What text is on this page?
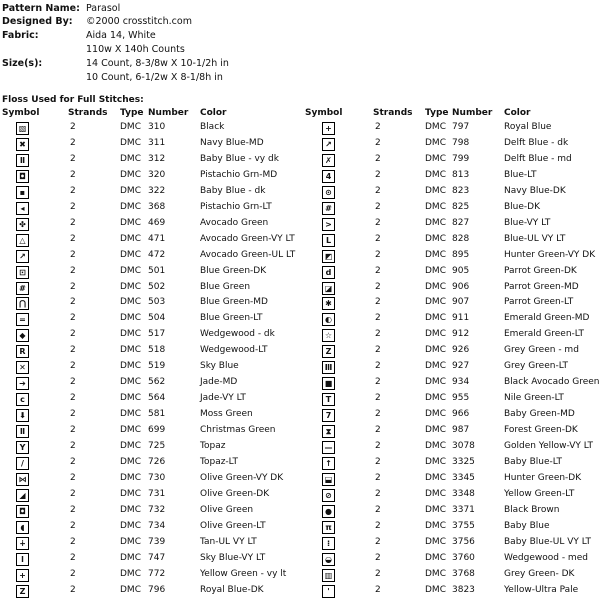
Pattern Name: Parasol
Designed By: ©2000 crosstitch.com
Fabric:	Aida 14, White
110w X 140h Counts
Size(s):	14 Count, 8-3/8w X 10-1/2h in
10 Count, 6-1/2w X 8-1/8h in
Floss Used for Full Stitches:
Symbol	Strands Type Number Color
▧	2	DMC 310	Black
✖	2	DMC 311	Navy Blue-MD
Ⅱ	2	DMC 312	Baby Blue - vy dk
◘	2	DMC 320	Pistachio Grn-MD
▪	2	DMC 322	Baby Blue - dk
◂	2	DMC 368	Pistachio Grn-LT
✤	2	DMC 469	Avocado Green
△	2	DMC 471	Avocado Green-VY LT
↗	2	DMC 472	Avocado Green-UL LT
⊡	2	DMC 501	Blue Green-DK
#	2	DMC 502	Blue Green
⋂	2	DMC 503	Blue Green-MD
=	2	DMC 504	Blue Green-LT
◆	2	DMC 517	Wedgewood - dk
R	2	DMC 518	Wedgewood-LT
✕	2	DMC 519	Sky Blue
➔	2	DMC 562	Jade-MD
c	2	DMC 564	Jade-VY LT
⬇	2	DMC 581	Moss Green
Ⅱ	2	DMC 699	Christmas Green
Y	2	DMC 725	Topaz
/	2	DMC 726	Topaz-LT
⋈	2	DMC 730	Olive Green-VY DK
◢	2	DMC 731	Olive Green-DK
◘	2	DMC 732	Olive Green
◖	2	DMC 734	Olive Green-LT
∔	2	DMC 739	Tan-UL VY LT
ⅼ	2	DMC 747	Sky Blue-VY LT
+	2	DMC 772	Yellow Green - vy lt
Z	2	DMC 796	Royal Blue-DK
Symbol	Strands Type Number Color
+	2	DMC 797	Royal Blue
↗	2	DMC 798	Delft Blue - dk
✗	2	DMC 799	Delft Blue - md
4	2	DMC 813	Blue-LT
⊙	2	DMC 823	Navy Blue-DK
#	2	DMC 825	Blue-DK
>	2	DMC 827	Blue-VY LT
L	2	DMC 828	Blue-UL VY LT
◩	2	DMC 895	Hunter Green-VY DK
d	2	DMC 905	Parrot Green-DK
◪	2	DMC 906	Parrot Green-MD
✱	2	DMC 907	Parrot Green-LT
◐	2	DMC 911	Emerald Green-MD
☆	2	DMC 912	Emerald Green-LT
Z	2	DMC 926	Grey Green - md
Ⅲ	2	DMC 927	Grey Green-LT
■	2	DMC 934	Black Avocado Green
T	2	DMC 955	Nile Green-LT
7	2	DMC 966	Baby Green-MD
⧗	2	DMC 987	Forest Green-DK
—	2	DMC 3078	Golden Yellow-VY LT
↑	2	DMC 3325	Baby Blue-LT
⬓	2	DMC 3345	Hunter Green-DK
⊘	2	DMC 3348	Yellow Green-LT
●	2	DMC 3371	Black Brown
π	2	DMC 3755	Baby Blue
⁝	2	DMC 3756	Baby Blue-UL VY LT
◒	2	DMC 3760	Wedgewood - med
▥	2	DMC 3768	Grey Green- DK
'	2	DMC 3823	Yellow-Ultra Pale
